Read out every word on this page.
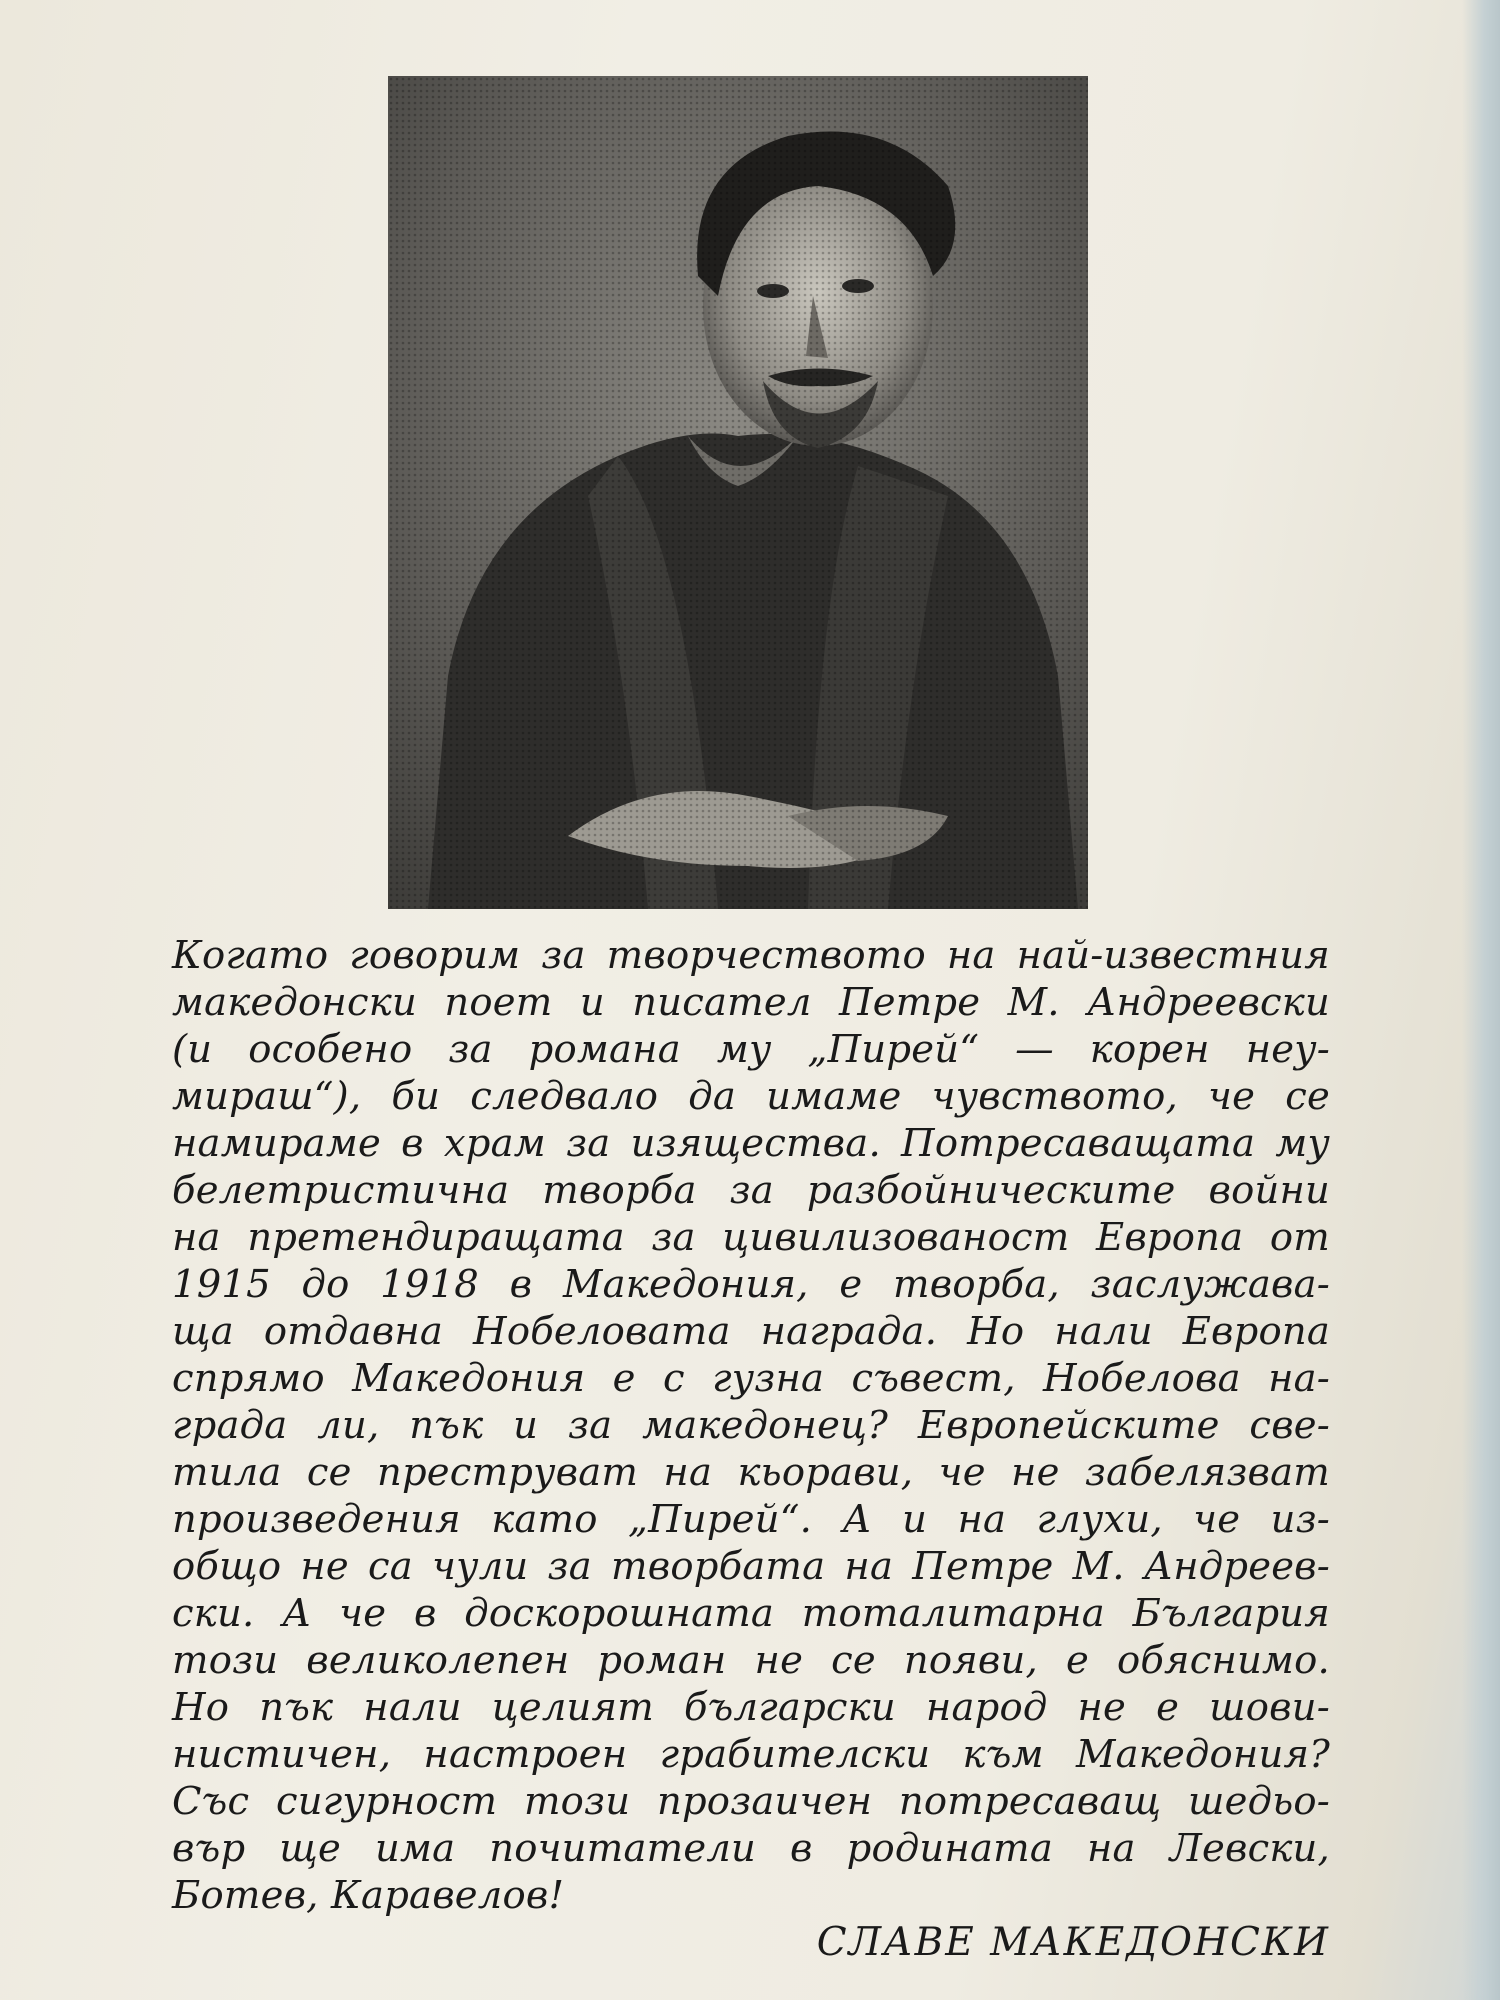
Когато говорим за творчеството на най-известния
македонски поет и писател Петре М. Андреевски
(и особено за романа му „Пирей“ — корен неу-
мираш“), би следвало да имаме чувството, че се
намираме в храм за изящества. Потресаващата му
белетристична творба за разбойническите войни
на претендиращата за цивилизованост Европа от
1915 до 1918 в Македония, е творба, заслужава-
ща отдавна Нобеловата награда. Но нали Европа
спрямо Македония е с гузна съвест, Нобелова на-
града ли, пък и за македонец? Европейските све-
тила се преструват на кьорави, че не забелязват
произведения като „Пирей“. А и на глухи, че из-
общо не са чули за творбата на Петре М. Андреев-
ски. А че в доскорошната тоталитарна България
този великолепен роман не се появи, е обяснимо.
Но пък нали целият български народ не е шови-
нистичен, настроен грабителски към Македония?
Със сигурност този прозаичен потресаващ шедьо-
вър ще има почитатели в родината на Левски,
Ботев, Каравелов!
СЛАВЕ МАКЕДОНСКИ
